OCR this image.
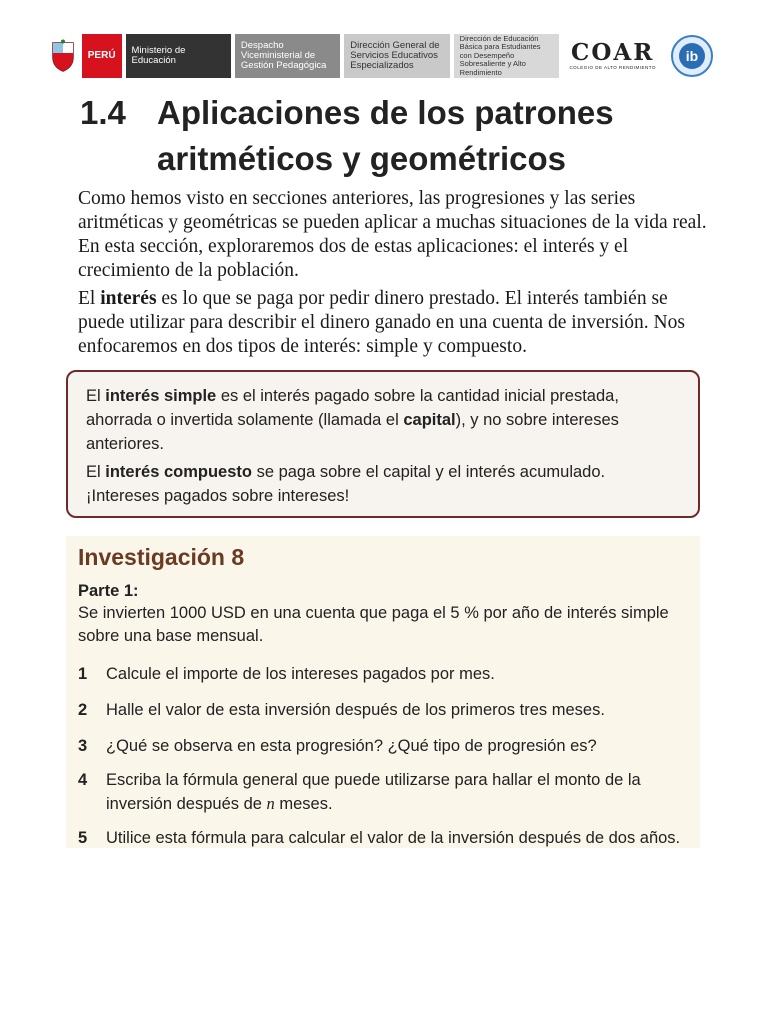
PERÚ	Ministerio de Educación
Despacho Viceministerial de Gestión Pedagógica
Dirección General de Servicios Educativos Especializados
Dirección de Educación Básica para Estudiantes con Desempeño Sobresaliente y Alto Rendimiento
COAR
COLEGIO DE ALTO RENDIMIENTO
ib
1.4 Aplicaciones de los patrones aritméticos y geométricos
Como hemos visto en secciones anteriores, las progresiones y las series aritméticas y geométricas se pueden aplicar a muchas situaciones de la vida real. En esta sección, exploraremos dos de estas aplicaciones: el interés y el crecimiento de la población.
El interés es lo que se paga por pedir dinero prestado. El interés también se puede utilizar para describir el dinero ganado en una cuenta de inversión. Nos enfocaremos en dos tipos de interés: simple y compuesto.
El interés simple es el interés pagado sobre la cantidad inicial prestada, ahorrada o invertida solamente (llamada el capital), y no sobre intereses anteriores.
El interés compuesto se paga sobre el capital y el interés acumulado. ¡Intereses pagados sobre intereses!
Investigación 8
Parte 1:
Se invierten 1000 USD en una cuenta que paga el 5 % por año de interés simple sobre una base mensual.
1	Calcule el importe de los intereses pagados por mes.
2	Halle el valor de esta inversión después de los primeros tres meses.
3	¿Qué se observa en esta progresión? ¿Qué tipo de progresión es?
4	Escriba la fórmula general que puede utilizarse para hallar el monto de la inversión después de n meses.
5	Utilice esta fórmula para calcular el valor de la inversión después de dos años.
